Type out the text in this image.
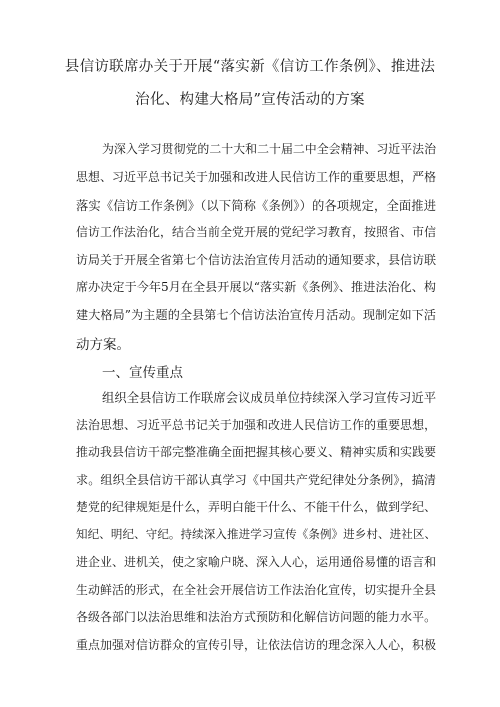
县信访联席办关于开展“落实新《信访工作条例》、推进法
治化、构建大格局”宣传活动的方案
为深入学习贯彻党的二十大和二十届二中全会精神、习近平法治
思想、习近平总书记关于加强和改进人民信访工作的重要思想，严格
落实《信访工作条例》（以下简称《条例》）的各项规定，全面推进
信访工作法治化，结合当前全党开展的党纪学习教育，按照省、市信
访局关于开展全省第七个信访法治宣传月活动的通知要求，县信访联
席办决定于今年5月在全县开展以“落实新《条例》、推进法治化、构
建大格局”为主题的全县第七个信访法治宣传月活动。现制定如下活
动方案。
一、宣传重点
组织全县信访工作联席会议成员单位持续深入学习宣传习近平
法治思想、习近平总书记关于加强和改进人民信访工作的重要思想，
推动我县信访干部完整准确全面把握其核心要义、精神实质和实践要
求。组织全县信访干部认真学习《中国共产党纪律处分条例》，搞清
楚党的纪律规矩是什么，弄明白能干什么、不能干什么，做到学纪、
知纪、明纪、守纪。持续深入推进学习宣传《条例》进乡村、进社区、
进企业、进机关，使之家喻户晓、深入人心，运用通俗易懂的语言和
生动鲜活的形式，在全社会开展信访工作法治化宣传，切实提升全县
各级各部门以法治思维和法治方式预防和化解信访问题的能力水平。
重点加强对信访群众的宣传引导，让依法信访的理念深入人心，积极
